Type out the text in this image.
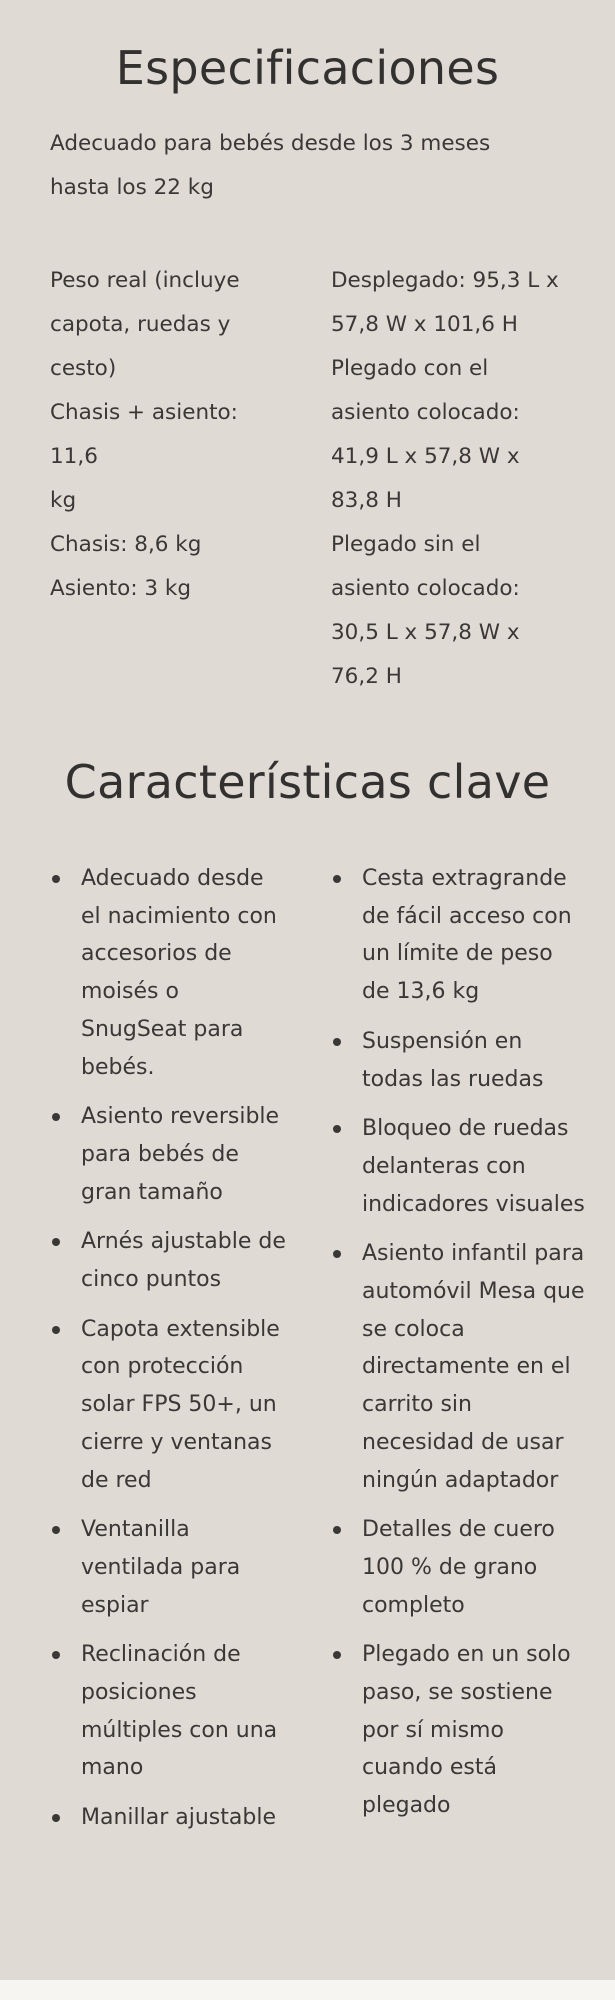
Especificaciones

Adecuado para bebés desde los 3 meses
hasta los 22 kg

Peso real (incluye

capota, ruedas y

cesto)

Chasis + asiento: 11,6

kg

Chasis: 8,6 kg

Asiento: 3 kg

Desplegado: 95,3 L x

57,8 W x 101,6 H

Plegado con el

asiento colocado:

41,9 L x 57,8 W x

83,8 H

Plegado sin el

asiento colocado:

30,5 L x 57,8 W x

76,2 H

Características clave
Adecuado desde el nacimiento con accesorios de moisés o SnugSeat para bebés.
Asiento reversible para bebés de gran tamaño
Arnés ajustable de cinco puntos
Capota extensible con protección solar FPS 50+, un cierre y ventanas de red
Ventanilla ventilada para espiar
Reclinación de posiciones múltiples con una mano
Manillar ajustable
Cesta extragrande de fácil acceso con un límite de peso de 13,6 kg
Suspensión en todas las ruedas
Bloqueo de ruedas delanteras con indicadores visuales
Asiento infantil para automóvil Mesa que se coloca directamente en el carrito sin necesidad de usar ningún adaptador
Detalles de cuero 100 % de grano completo
Plegado en un solo paso, se sostiene por sí mismo cuando está plegado
